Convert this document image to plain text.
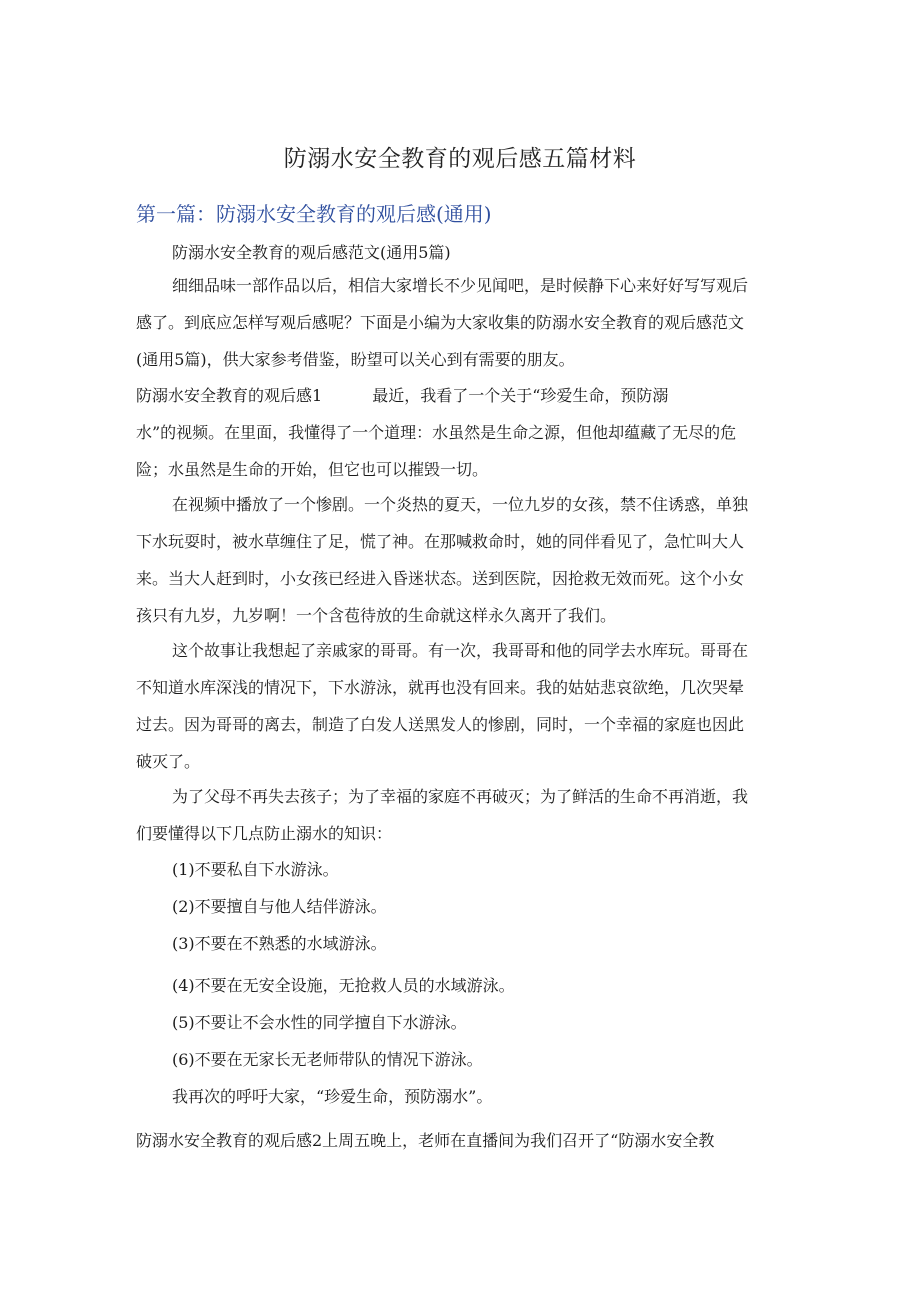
防溺水安全教育的观后感五篇材料
第一篇：防溺水安全教育的观后感(通用)

防溺水安全教育的观后感范文(通用5篇)

细细品味一部作品以后，相信大家增长不少见闻吧，是时候静下心来好好写写观后
感了。到底应怎样写观后感呢？下面是小编为大家收集的防溺水安全教育的观后感范文
(通用5篇)，供大家参考借鉴，盼望可以关心到有需要的朋友。

防溺水安全教育的观后感1	最近，我看了一个关于“珍爱生命，预防溺
水”的视频。在里面，我懂得了一个道理：水虽然是生命之源，但他却蕴藏了无尽的危
险；水虽然是生命的开始，但它也可以摧毁一切。

在视频中播放了一个惨剧。一个炎热的夏天，一位九岁的女孩，禁不住诱惑，单独
下水玩耍时，被水草缠住了足，慌了神。在那喊救命时，她的同伴看见了，急忙叫大人
来。当大人赶到时，小女孩已经进入昏迷状态。送到医院，因抢救无效而死。这个小女
孩只有九岁，九岁啊！一个含苞待放的生命就这样永久离开了我们。

这个故事让我想起了亲戚家的哥哥。有一次，我哥哥和他的同学去水库玩。哥哥在
不知道水库深浅的情况下，下水游泳，就再也没有回来。我的姑姑悲哀欲绝，几次哭晕
过去。因为哥哥的离去，制造了白发人送黑发人的惨剧，同时，一个幸福的家庭也因此
破灭了。

为了父母不再失去孩子；为了幸福的家庭不再破灭；为了鲜活的生命不再消逝，我
们要懂得以下几点防止溺水的知识：

(1)不要私自下水游泳。
(2)不要擅自与他人结伴游泳。
(3)不要在不熟悉的水域游泳。

(4)不要在无安全设施，无抢救人员的水域游泳。
(5)不要让不会水性的同学擅自下水游泳。
(6)不要在无家长无老师带队的情况下游泳。
我再次的呼吁大家，“珍爱生命，预防溺水”。

防溺水安全教育的观后感2上周五晚上，老师在直播间为我们召开了“防溺水安全教
